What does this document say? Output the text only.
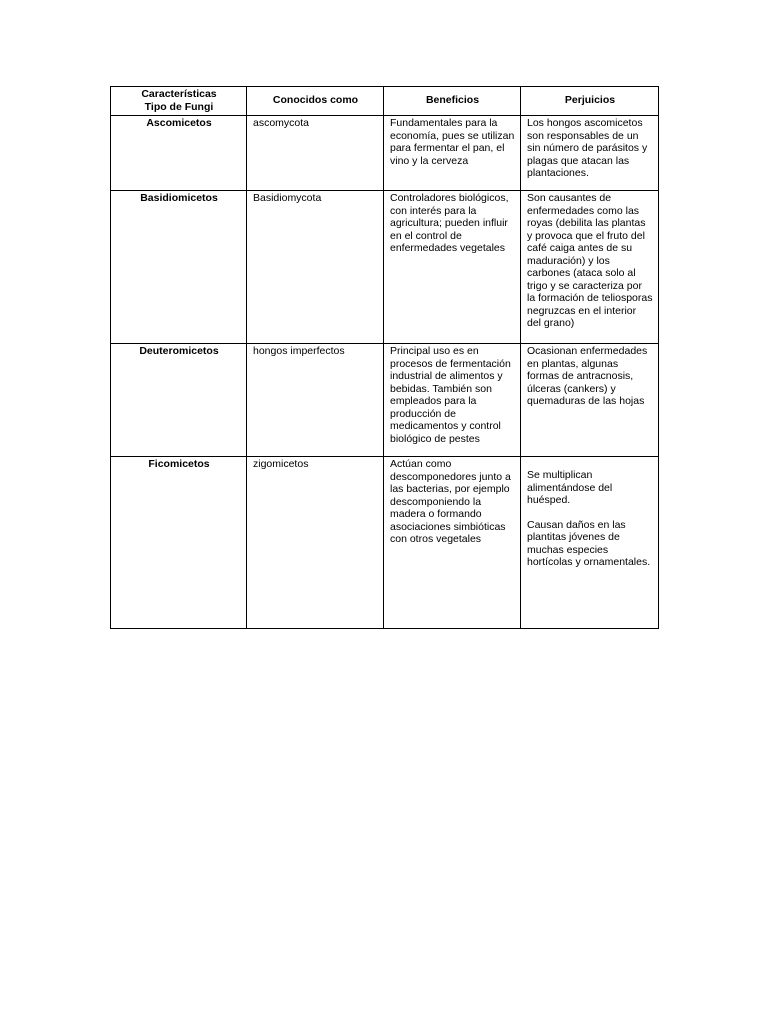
Características
Tipo de Fungi	Conocidos como	Beneficios	Perjuicios
Ascomicetos	ascomycota	Fundamentales para la economía, pues se utilizan para fermentar el pan, el vino y la cerveza	Los hongos ascomicetos son responsables de un sin número de parásitos y plagas que atacan las plantaciones.
Basidiomicetos	Basidiomycota	Controladores biológicos, con interés para la agricultura; pueden influir en el control de enfermedades vegetales	Son causantes de enfermedades como las royas (debilita las plantas y provoca que el fruto del café caiga antes de su maduración) y los carbones (ataca solo al trigo y se caracteriza por la formación de teliosporas negruzcas en el interior del grano)
Deuteromicetos	hongos imperfectos	Principal uso es en procesos de fermentación industrial de alimentos y bebidas. También son empleados para la producción de medicamentos y control biológico de pestes	Ocasionan enfermedades en plantas, algunas formas de antracnosis, úlceras (cankers) y quemaduras de las hojas
Ficomicetos	zigomicetos	Actúan como descomponedores junto a las bacterias, por ejemplo descomponiendo la madera o formando asociaciones simbióticas con otros vegetales	Se multiplican alimentándose del huésped.
Causan daños en las plantitas jóvenes de muchas especies hortícolas y ornamentales.
